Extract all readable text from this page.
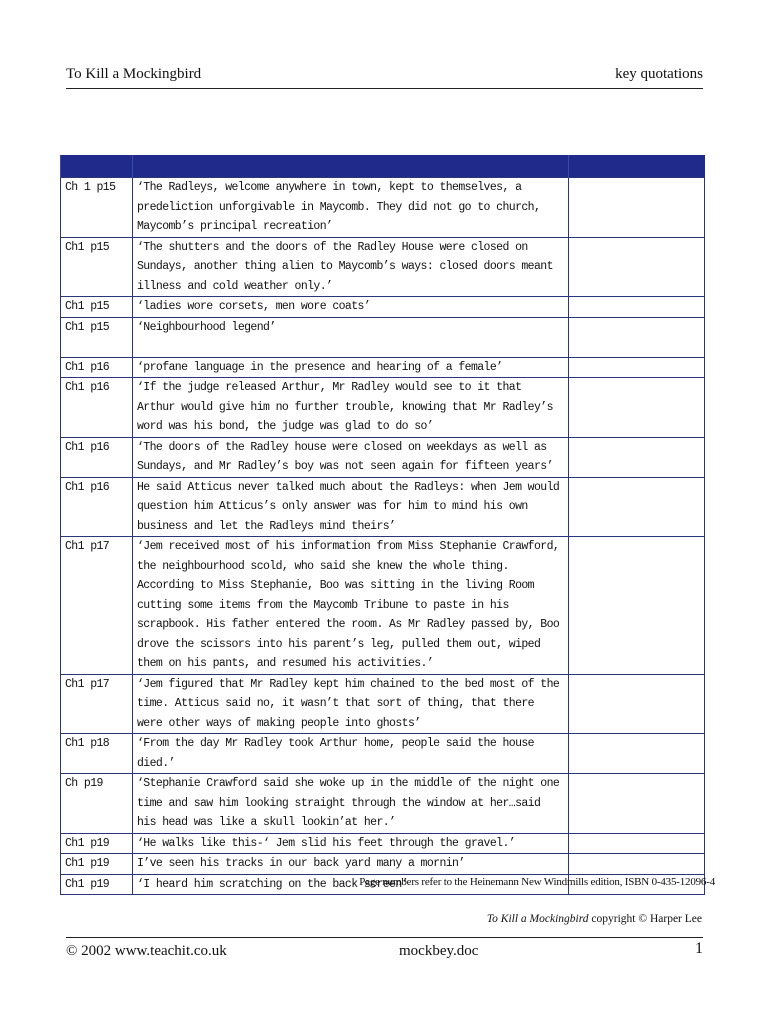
To Kill a Mockingbird	key quotations

Ch 1 p15	‘The Radleys, welcome anywhere in town, kept to themselves, a predeliction unforgivable in Maycomb. They did not go to church, Maycomb’s principal recreation’	
Ch1 p15	‘The shutters and the doors of the Radley House were closed on Sundays, another thing alien to Maycomb’s ways: closed doors meant illness and cold weather only.’	
Ch1 p15	‘ladies wore corsets, men wore coats’	
Ch1 p15	‘Neighbourhood legend’	
Ch1 p16	‘profane language in the presence and hearing of a female’	
Ch1 p16	‘If the judge released Arthur, Mr Radley would see to it that Arthur would give him no further trouble, knowing that Mr Radley’s word was his bond, the judge was glad to do so’	
Ch1 p16	‘The doors of the Radley house were closed on weekdays as well as Sundays, and Mr Radley’s boy was not seen again for fifteen years’	
Ch1 p16	He said Atticus never talked much about the Radleys: when Jem would question him Atticus’s only answer was for him to mind his own business and let the Radleys mind theirs’	
Ch1 p17	‘Jem received most of his information from Miss Stephanie Crawford, the neighbourhood scold, who said she knew the whole thing. According to Miss Stephanie, Boo was sitting in the living Room cutting some items from the Maycomb Tribune to paste in his scrapbook. His father entered the room. As Mr Radley passed by, Boo drove the scissors into his parent’s leg, pulled them out, wiped them on his pants, and resumed his activities.’	
Ch1 p17	‘Jem figured that Mr Radley kept him chained to the bed most of the time. Atticus said no, it wasn’t that sort of thing, that there were other ways of making people into ghosts’	
Ch1 p18	‘From the day Mr Radley took Arthur home, people said the house died.’	
Ch p19	‘Stephanie Crawford said she woke up in the middle of the night one time and saw him looking straight through the window at her…said his head was like a skull lookin’at her.’	
Ch1 p19	‘He walks like this-‘ Jem slid his feet through the gravel.’	
Ch1 p19	I’ve seen his tracks in our back yard many a mornin’	
Ch1 p19	‘I heard him scratching on the back screen’	
Page numbers refer to the Heinemann New Windmills edition, ISBN 0-435-12096-4
To Kill a Mockingbird copyright © Harper Lee
© 2002 www.teachit.co.uk	mockbey.doc	1
